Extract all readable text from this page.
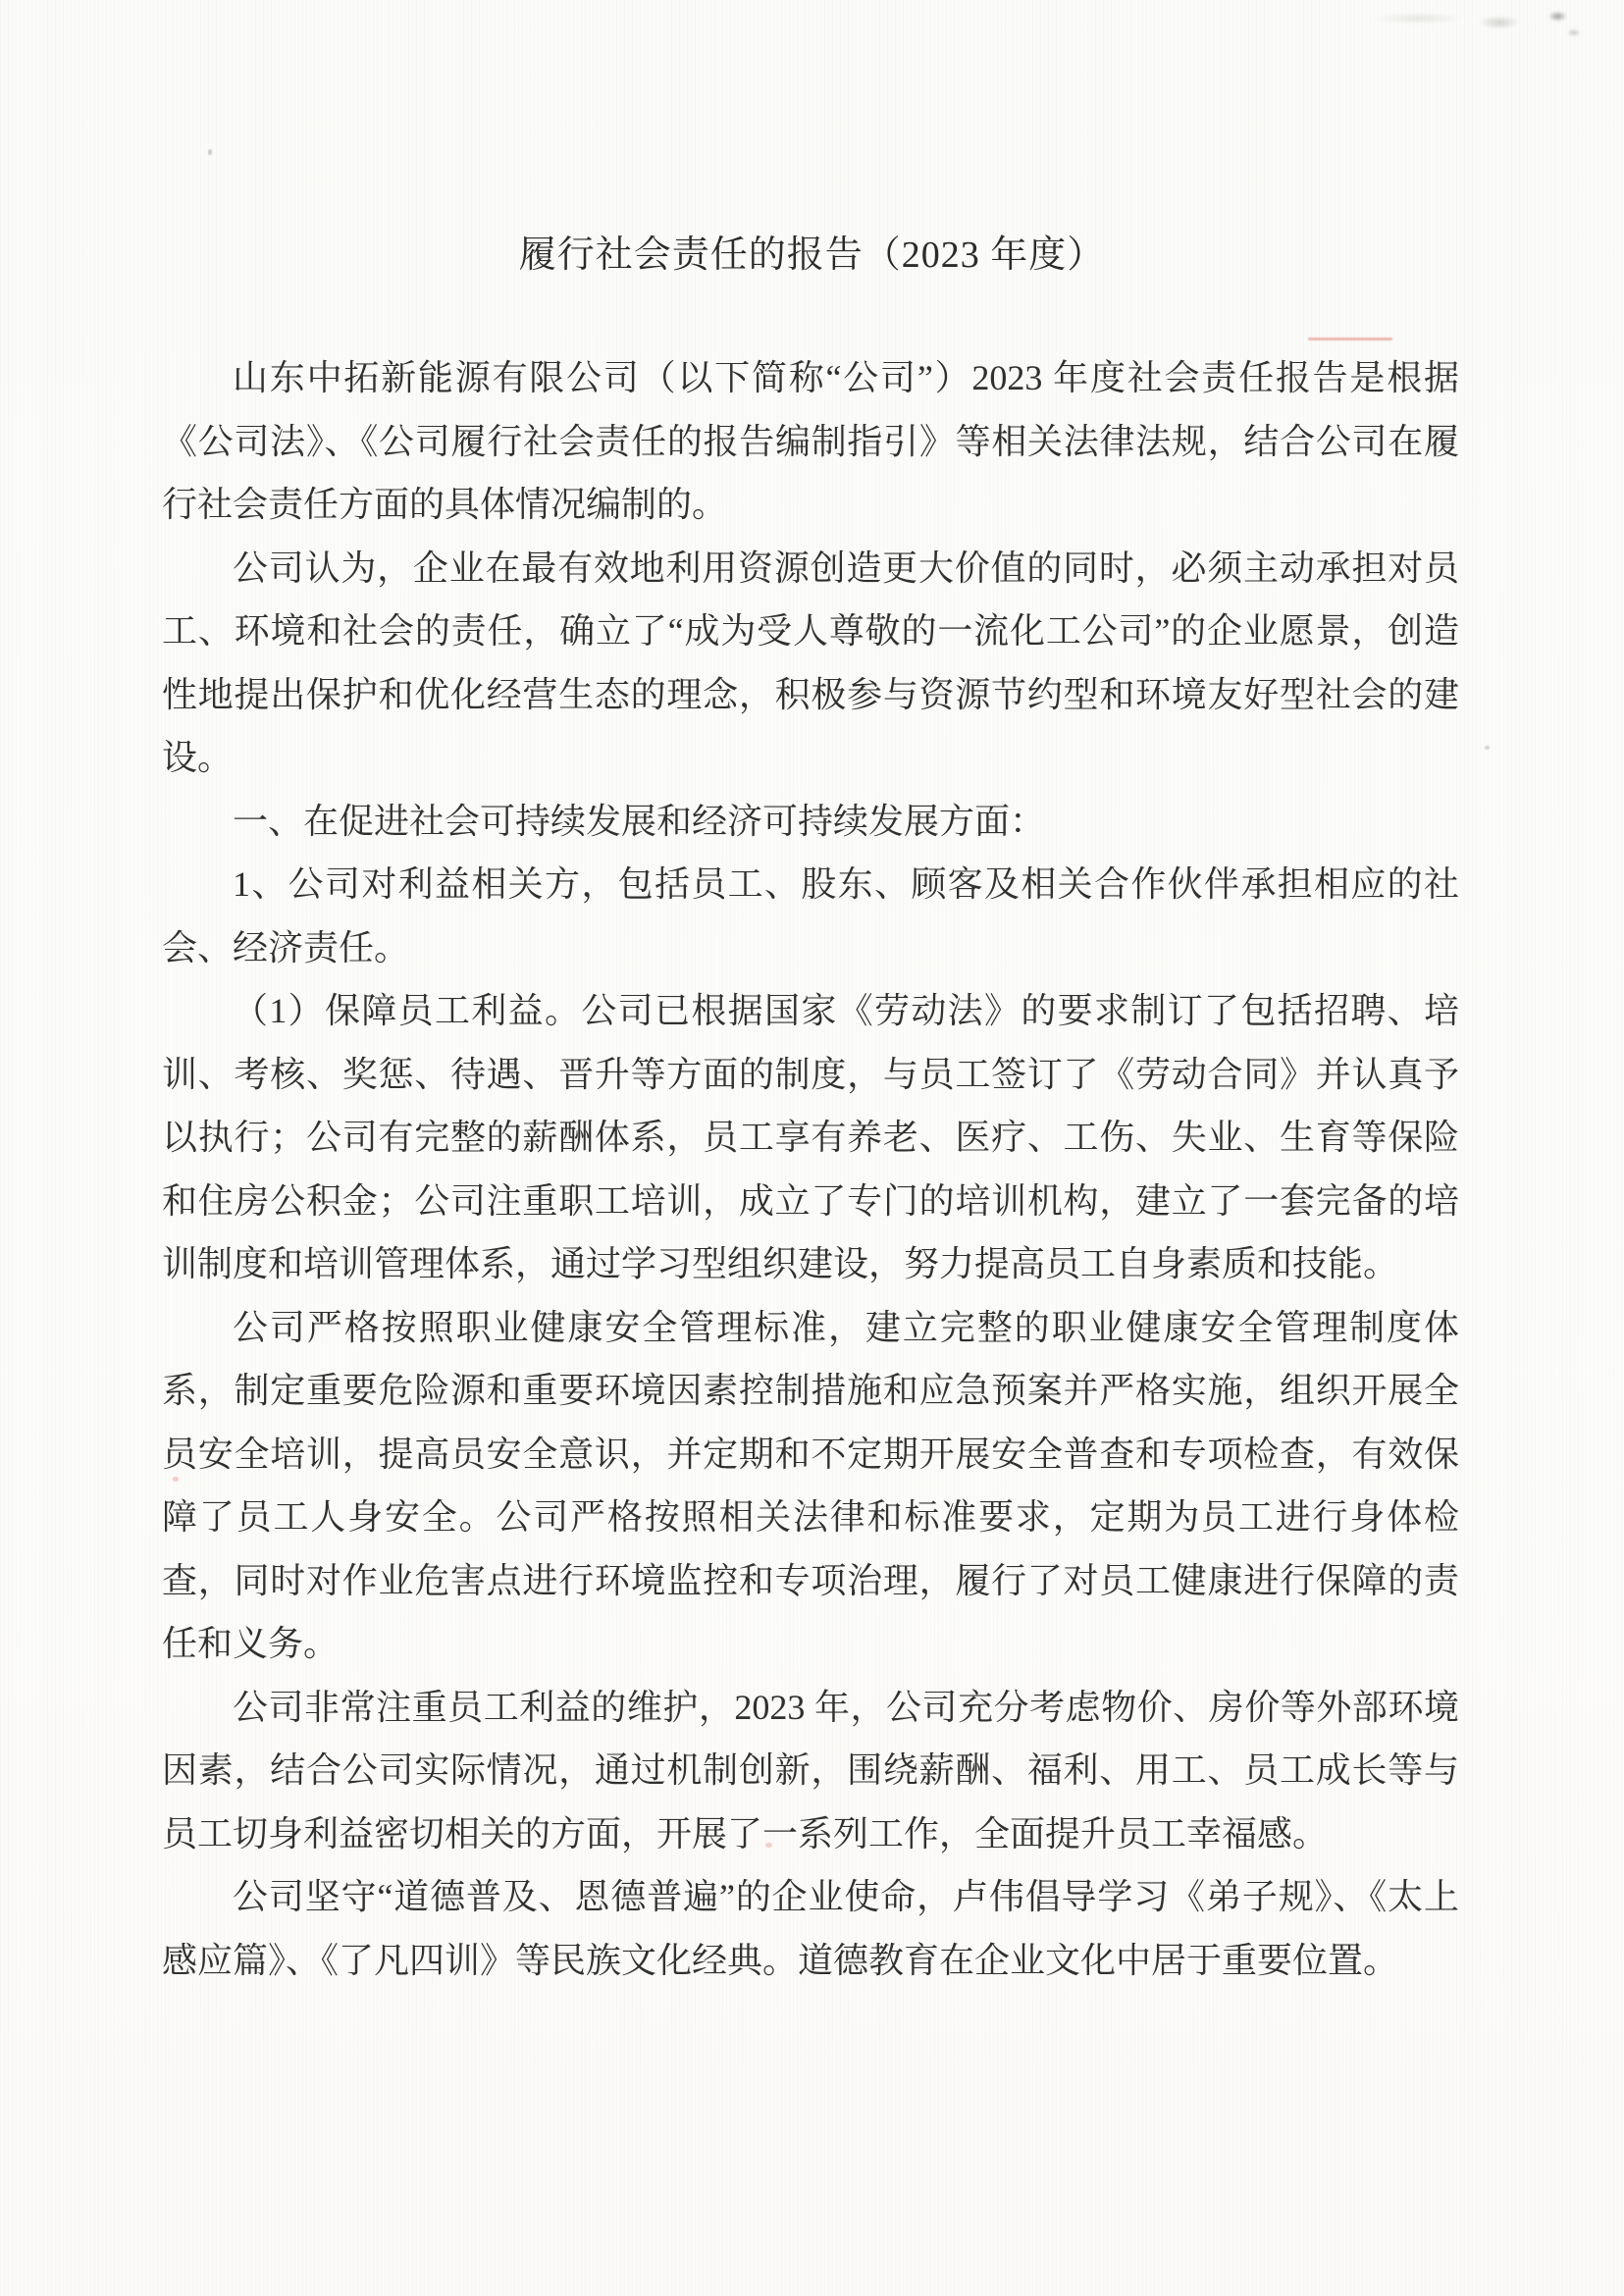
履行社会责任的报告（2023 年度）

山东中拓新能源有限公司（以下简称“公司”）2023 年度社会责任报告是根据《公司法》、《公司履行社会责任的报告编制指引》等相关法律法规，结合公司在履行社会责任方面的具体情况编制的。

公司认为，企业在最有效地利用资源创造更大价值的同时，必须主动承担对员工、环境和社会的责任，确立了“成为受人尊敬的一流化工公司”的企业愿景，创造性地提出保护和优化经营生态的理念，积极参与资源节约型和环境友好型社会的建设。

一、在促进社会可持续发展和经济可持续发展方面：

1、公司对利益相关方，包括员工、股东、顾客及相关合作伙伴承担相应的社会、经济责任。

（1）保障员工利益。公司已根据国家《劳动法》的要求制订了包括招聘、培训、考核、奖惩、待遇、晋升等方面的制度，与员工签订了《劳动合同》并认真予以执行；公司有完整的薪酬体系，员工享有养老、医疗、工伤、失业、生育等保险和住房公积金；公司注重职工培训，成立了专门的培训机构，建立了一套完备的培训制度和培训管理体系，通过学习型组织建设，努力提高员工自身素质和技能。

公司严格按照职业健康安全管理标准，建立完整的职业健康安全管理制度体系，制定重要危险源和重要环境因素控制措施和应急预案并严格实施，组织开展全员安全培训，提高员安全意识，并定期和不定期开展安全普查和专项检查，有效保障了员工人身安全。公司严格按照相关法律和标准要求，定期为员工进行身体检查，同时对作业危害点进行环境监控和专项治理，履行了对员工健康进行保障的责任和义务。

公司非常注重员工利益的维护，2023 年，公司充分考虑物价、房价等外部环境因素，结合公司实际情况，通过机制创新，围绕薪酬、福利、用工、员工成长等与员工切身利益密切相关的方面，开展了一系列工作，全面提升员工幸福感。

公司坚守“道德普及、恩德普遍”的企业使命，卢伟倡导学习《弟子规》、《太上感应篇》、《了凡四训》等民族文化经典。道德教育在企业文化中居于重要位置。
